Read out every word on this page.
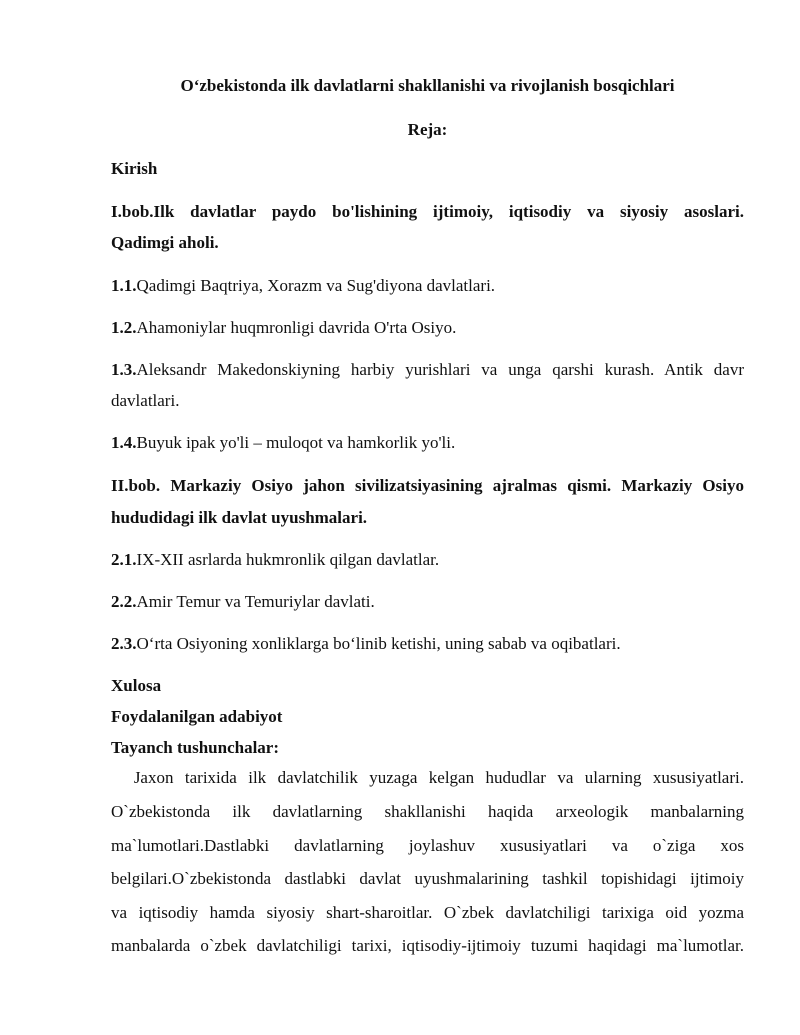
O‘zbekistonda ilk davlatlarni shakllanishi va rivojlanish bosqichlari
Reja:
Kirish
I.bob.Ilk davlatlar paydo bo'lishining ijtimoiy, iqtisodiy va siyosiy asoslari.
Qadimgi aholi.
1.1.Qadimgi Baqtriya, Xorazm va Sug'diyona davlatlari.
1.2.Ahamoniylar huqmronligi davrida O'rta Osiyo.
1.3.Aleksandr Makedonskiyning harbiy yurishlari va unga qarshi kurash. Antik davr
davlatlari.
1.4.Buyuk ipak yo'li – muloqot va hamkorlik yo'li.
II.bob. Markaziy Osiyo jahon sivilizatsiyasining ajralmas qismi. Markaziy Osiyo
hududidagi ilk davlat uyushmalari.
2.1.IX-XII asrlarda hukmronlik qilgan davlatlar.
2.2.Amir Temur va Temuriylar davlati.
2.3.O‘rta Osiyoning xonliklarga bo‘linib ketishi, uning sabab va oqibatlari.
Xulosa
Foydalanilgan adabiyot
Tayanch tushunchalar:
Jaxon tarixida ilk davlatchilik yuzaga kelgan hududlar va ularning xususiyatlari.
O`zbekistonda ilk davlatlarning shakllanishi haqida arxeologik manbalarning
ma`lumotlari.Dastlabki davlatlarning joylashuv xususiyatlari va o`ziga xos
belgilari.O`zbekistonda dastlabki davlat uyushmalarining tashkil topishidagi ijtimoiy
va iqtisodiy hamda siyosiy shart-sharoitlar. O`zbek davlatchiligi tarixiga oid yozma
manbalarda o`zbek davlatchiligi tarixi, iqtisodiy-ijtimoiy tuzumi haqidagi ma`lumotlar.
